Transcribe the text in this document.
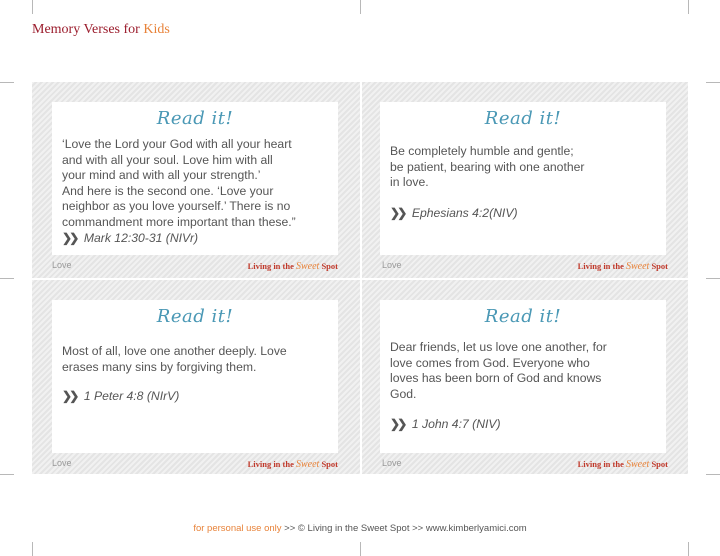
Memory Verses for Kids
Read it!
‘Love the Lord your God with all your heart
and with all your soul. Love him with all
your mind and with all your strength.’
And here is the second one. ‘Love your
neighbor as you love yourself.’ There is no
commandment more important than these.”
❯❯ Mark 12:30-31 (NIVr)
Love	Living in the Sweet Spot
Read it!
Be completely humble and gentle;
be patient, bearing with one another
in love.
❯❯ Ephesians 4:2(NIV)
Love	Living in the Sweet Spot
Read it!
Most of all, love one another deeply. Love
erases many sins by forgiving them.
❯❯ 1 Peter 4:8 (NIrV)
Love	Living in the Sweet Spot
Read it!
Dear friends, let us love one another, for
love comes from God. Everyone who
loves has been born of God and knows
God.
❯❯ 1 John 4:7 (NIV)
Love	Living in the Sweet Spot
for personal use only >> © Living in the Sweet Spot >> www.kimberlyamici.com
